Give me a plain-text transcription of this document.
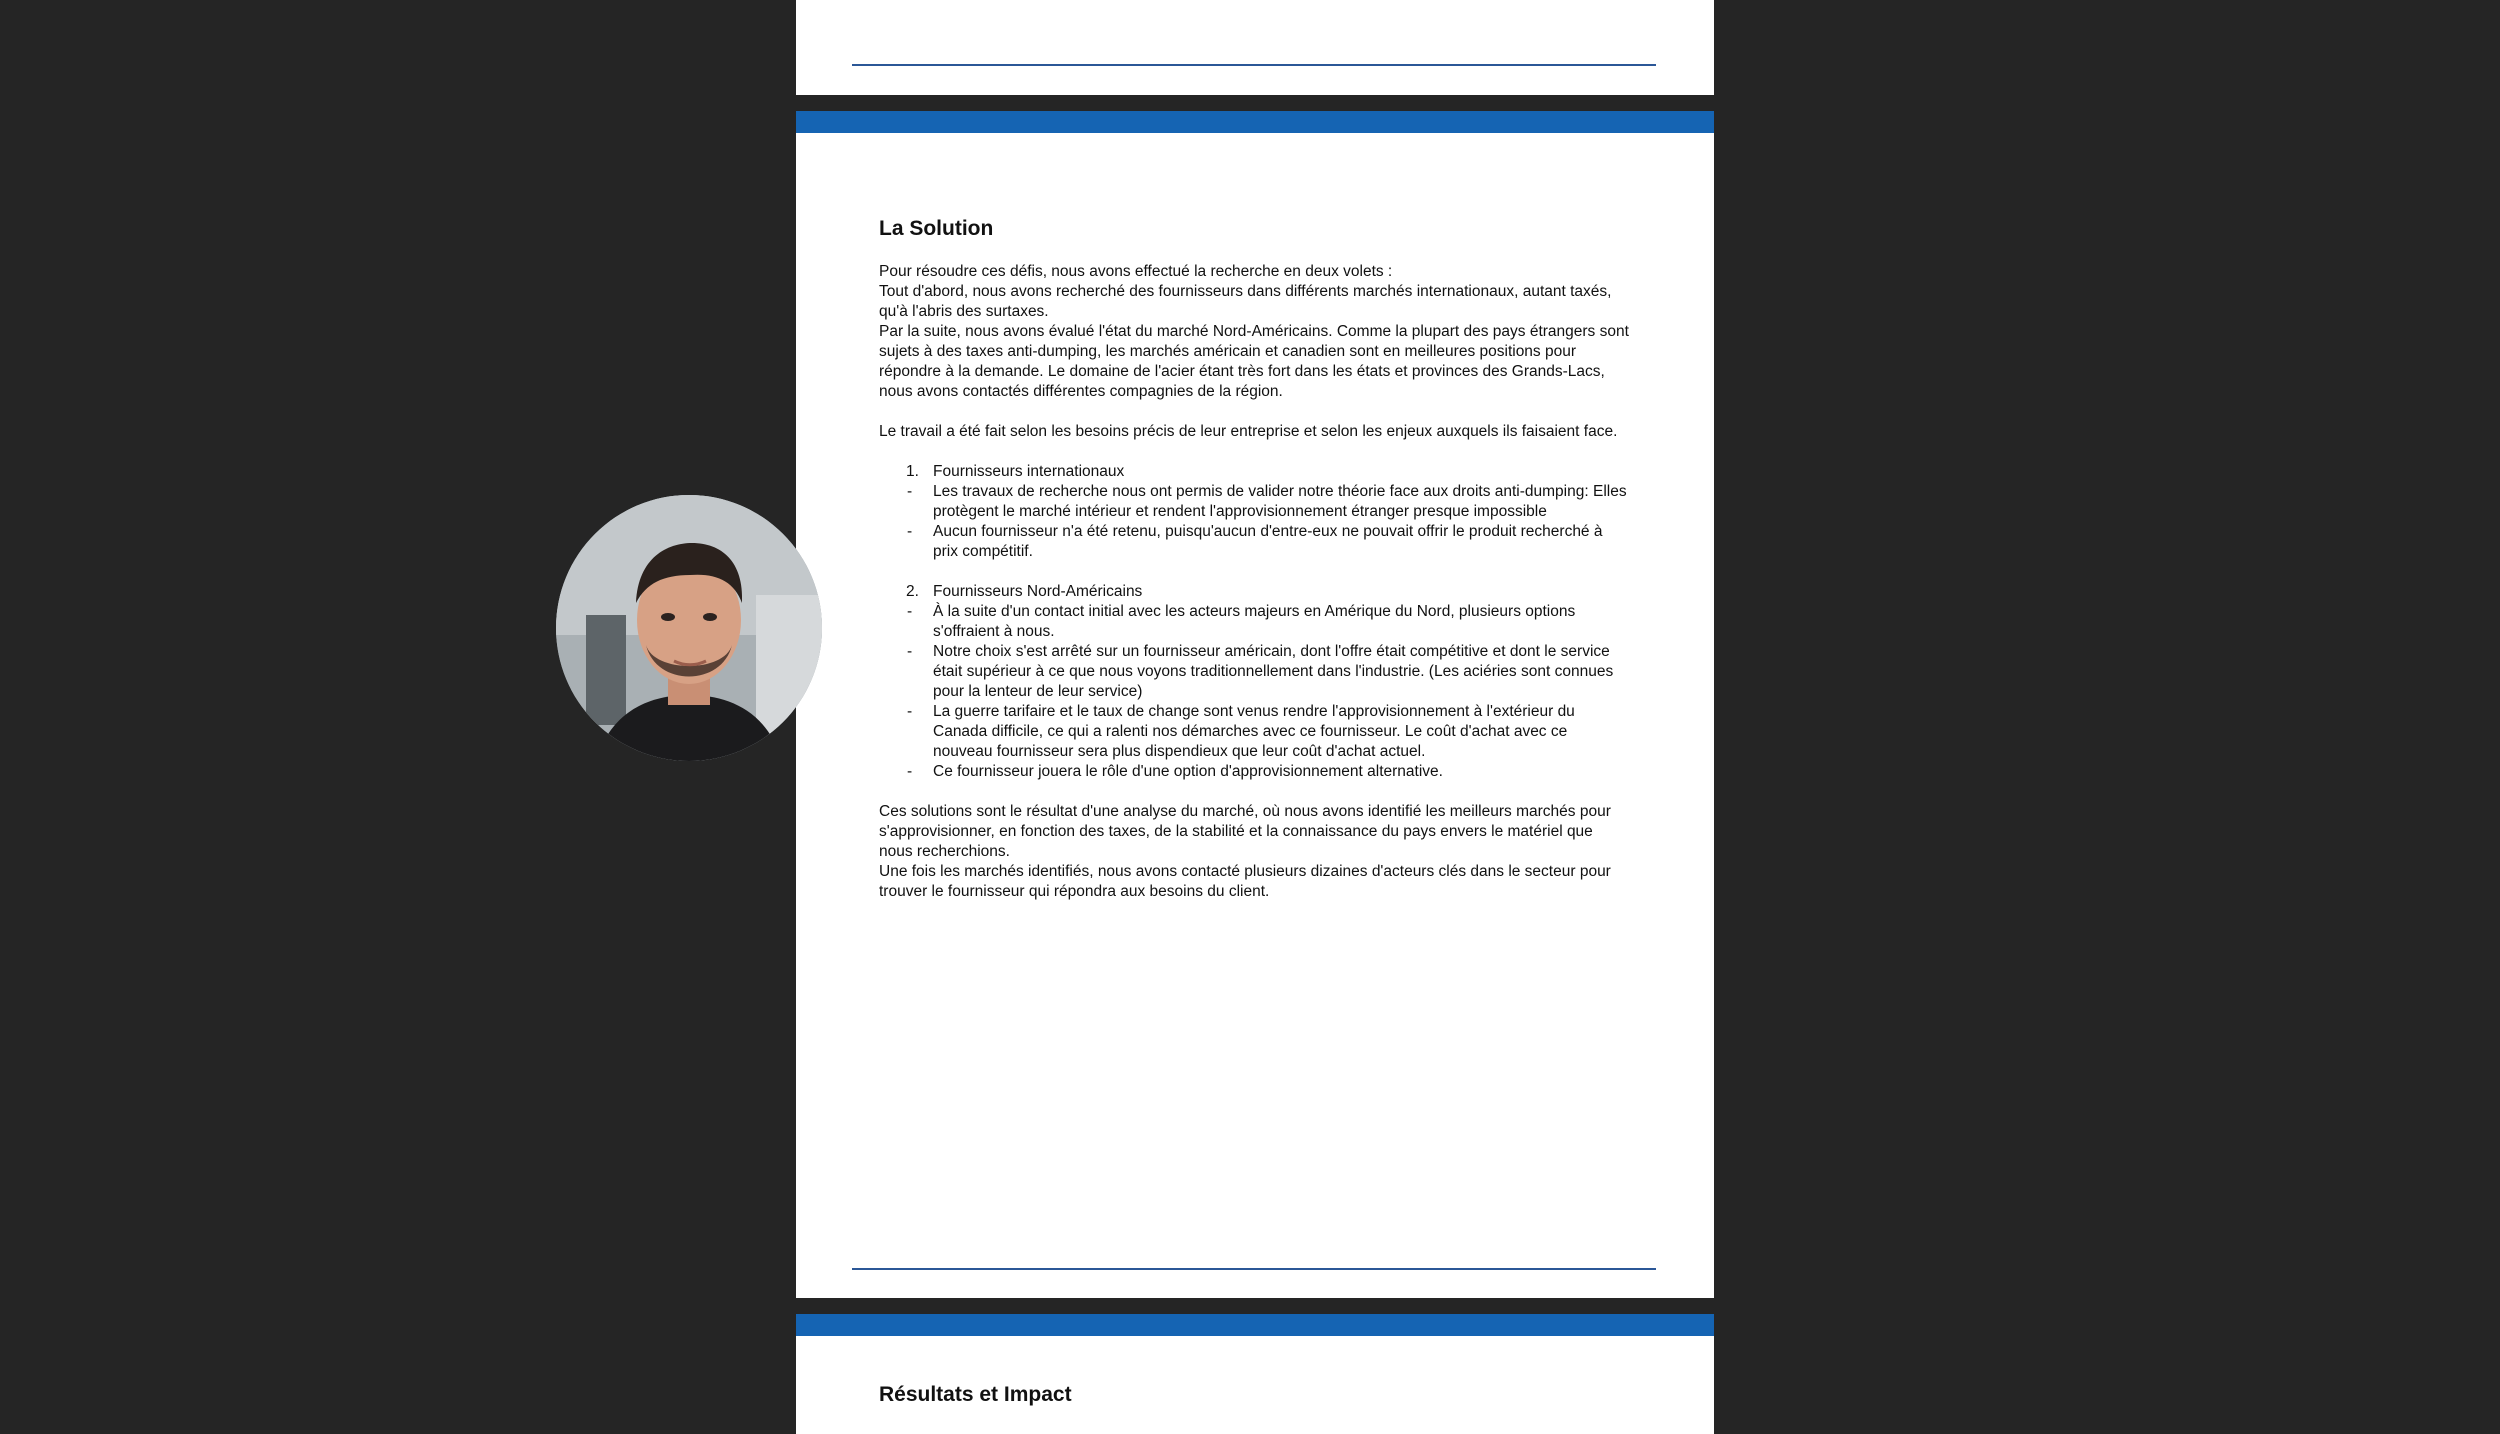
La Solution

Pour résoudre ces défis, nous avons effectué la recherche en deux volets :

Tout d'abord, nous avons recherché des fournisseurs dans différents marchés internationaux, autant taxés, qu'à l'abris des surtaxes.

Par la suite, nous avons évalué l'état du marché Nord-Américains. Comme la plupart des pays étrangers sont sujets à des taxes anti-dumping, les marchés américain et canadien sont en meilleures positions pour répondre à la demande. Le domaine de l'acier étant très fort dans les états et provinces des Grands-Lacs, nous avons contactés différentes compagnies de la région.

Le travail a été fait selon les besoins précis de leur entreprise et selon les enjeux auxquels ils faisaient face.

1. Fournisseurs internationaux
- Les travaux de recherche nous ont permis de valider notre théorie face aux droits anti-dumping: Elles protègent le marché intérieur et rendent l'approvisionnement étranger presque impossible
- Aucun fournisseur n'a été retenu, puisqu'aucun d'entre-eux ne pouvait offrir le produit recherché à prix compétitif.
2. Fournisseurs Nord-Américains
- À la suite d'un contact initial avec les acteurs majeurs en Amérique du Nord, plusieurs options s'offraient à nous.
- Notre choix s'est arrêté sur un fournisseur américain, dont l'offre était compétitive et dont le service était supérieur à ce que nous voyons traditionnellement dans l'industrie. (Les aciéries sont connues pour la lenteur de leur service)
- La guerre tarifaire et le taux de change sont venus rendre l'approvisionnement à l'extérieur du Canada difficile, ce qui a ralenti nos démarches avec ce fournisseur. Le coût d'achat avec ce nouveau fournisseur sera plus dispendieux que leur coût d'achat actuel.
- Ce fournisseur jouera le rôle d'une option d'approvisionnement alternative.

Ces solutions sont le résultat d'une analyse du marché, où nous avons identifié les meilleurs marchés pour s'approvisionner, en fonction des taxes, de la stabilité et la connaissance du pays envers le matériel que nous recherchions.

Une fois les marchés identifiés, nous avons contacté plusieurs dizaines d'acteurs clés dans le secteur pour trouver le fournisseur qui répondra aux besoins du client.

Résultats et Impact
